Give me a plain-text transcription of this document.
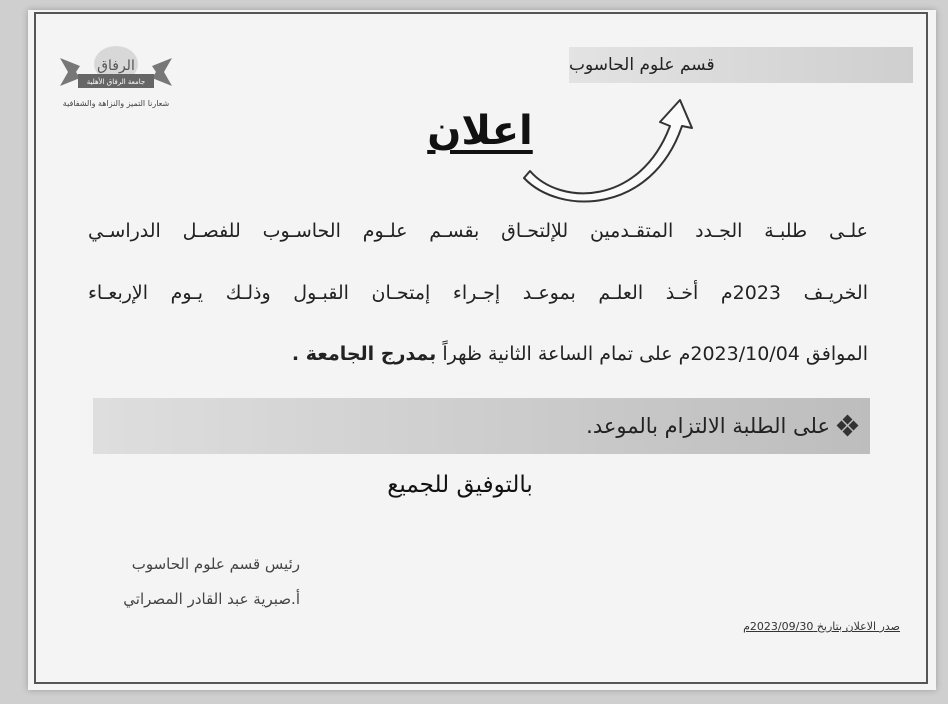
الرفاق
جامعة الرفاق الأهلية
شعارنا التميز والنزاهة والشفافية
قسم علوم الحاسوب
اعلان
علـى طلبـة الجـدد المتقـدمين للإلتحـاق بقسـم علـوم الحاسـوب للفصـل الدراسـي
الخريـف 2023م أخـذ العلـم بموعـد إجـراء إمتحـان القبـول وذلـك يـوم الإربعـاء
الموافق 2023/10/04م على تمام الساعة الثانية ظهراً بمدرج الجامعة .
على الطلبة الالتزام بالموعد.
بالتوفيق للجميع
رئيس قسم علوم الحاسوب
أ.صبرية عبد القادر المصراتي
صدر الاعلان بتاريخ 2023/09/30م
